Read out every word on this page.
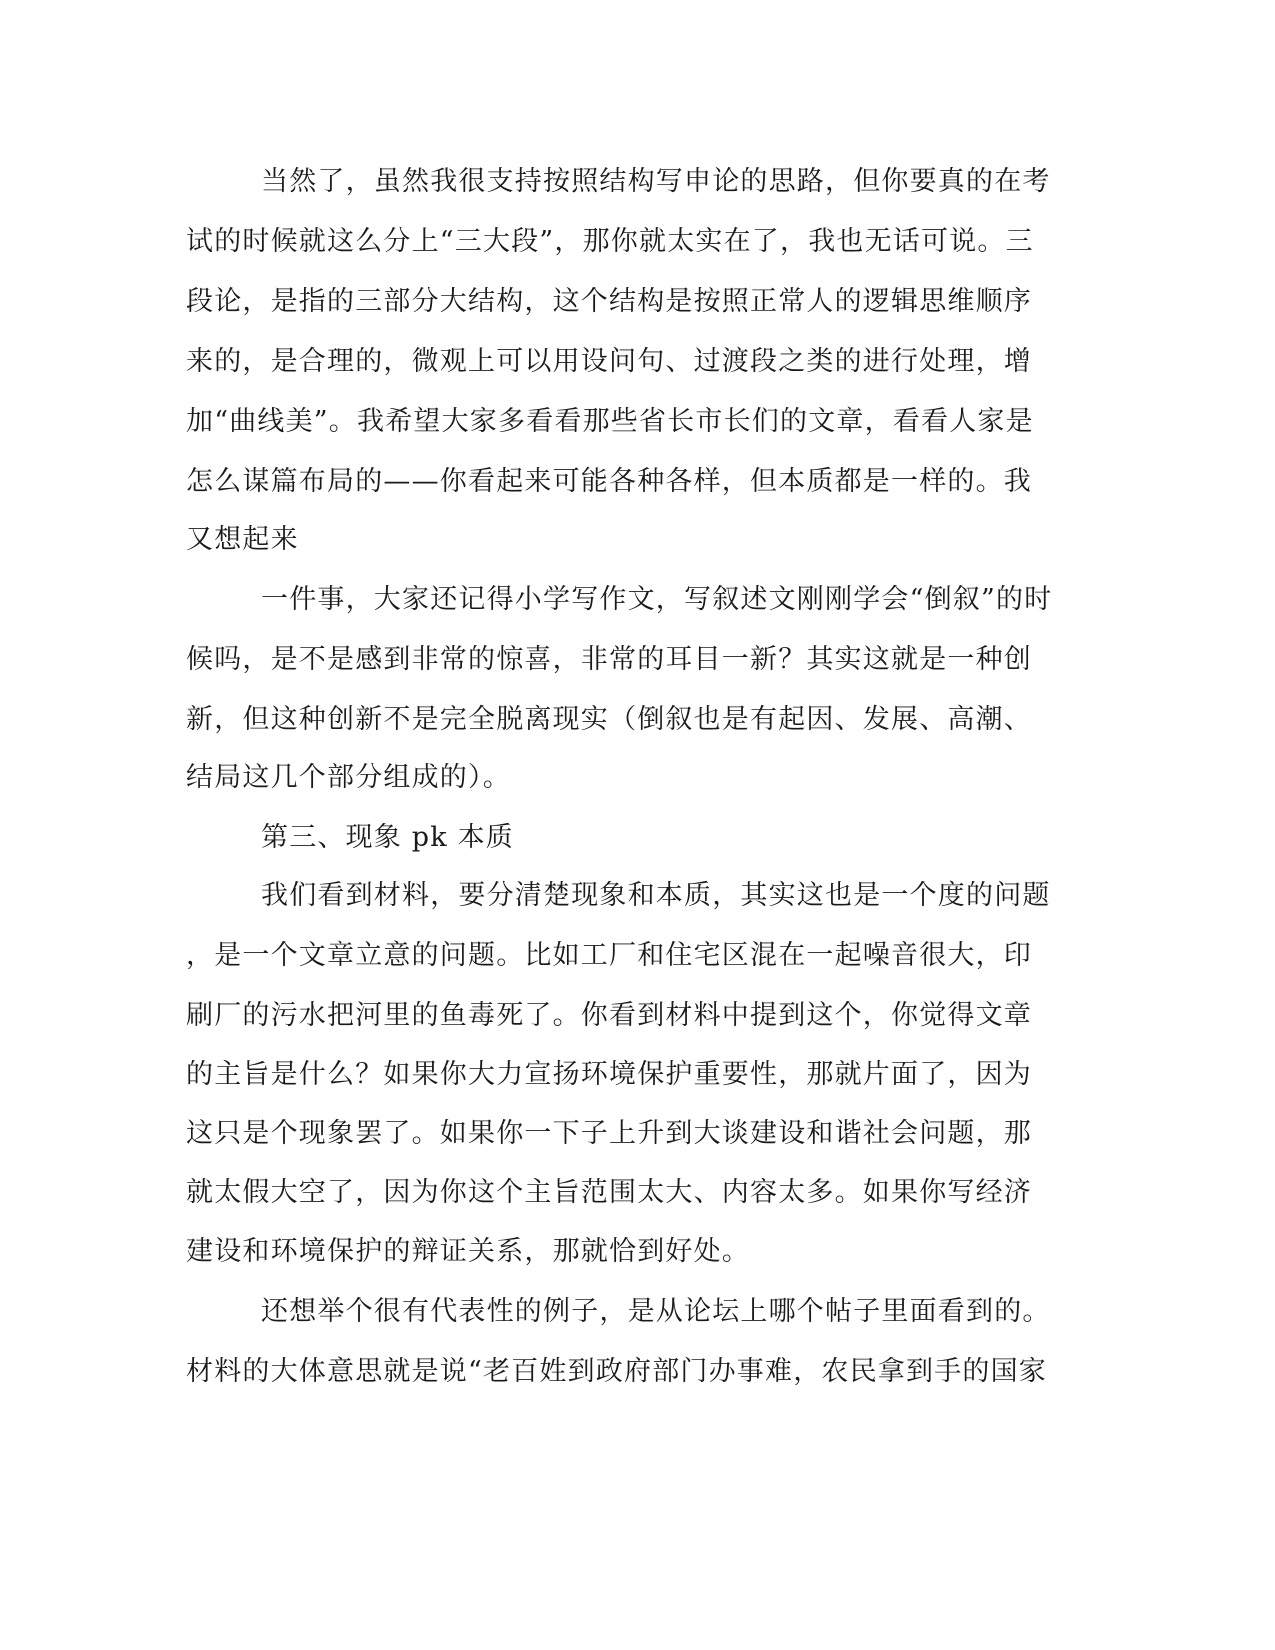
当然了，虽然我很支持按照结构写申论的思路，但你要真的在考
试的时候就这么分上“三大段”，那你就太实在了，我也无话可说。三
段论，是指的三部分大结构，这个结构是按照正常人的逻辑思维顺序
来的，是合理的，微观上可以用设问句、过渡段之类的进行处理，增
加“曲线美”。我希望大家多看看那些省长市长们的文章，看看人家是
怎么谋篇布局的——你看起来可能各种各样，但本质都是一样的。我
又想起来
一件事，大家还记得小学写作文，写叙述文刚刚学会“倒叙”的时
候吗，是不是感到非常的惊喜，非常的耳目一新？其实这就是一种创
新，但这种创新不是完全脱离现实（倒叙也是有起因、发展、高潮、
结局这几个部分组成的）。
第三、现象 pk 本质
我们看到材料，要分清楚现象和本质，其实这也是一个度的问题
，是一个文章立意的问题。比如工厂和住宅区混在一起噪音很大，印
刷厂的污水把河里的鱼毒死了。你看到材料中提到这个，你觉得文章
的主旨是什么？如果你大力宣扬环境保护重要性，那就片面了，因为
这只是个现象罢了。如果你一下子上升到大谈建设和谐社会问题，那
就太假大空了，因为你这个主旨范围太大、内容太多。如果你写经济
建设和环境保护的辩证关系，那就恰到好处。
还想举个很有代表性的例子，是从论坛上哪个帖子里面看到的。
材料的大体意思就是说“老百姓到政府部门办事难，农民拿到手的国家
